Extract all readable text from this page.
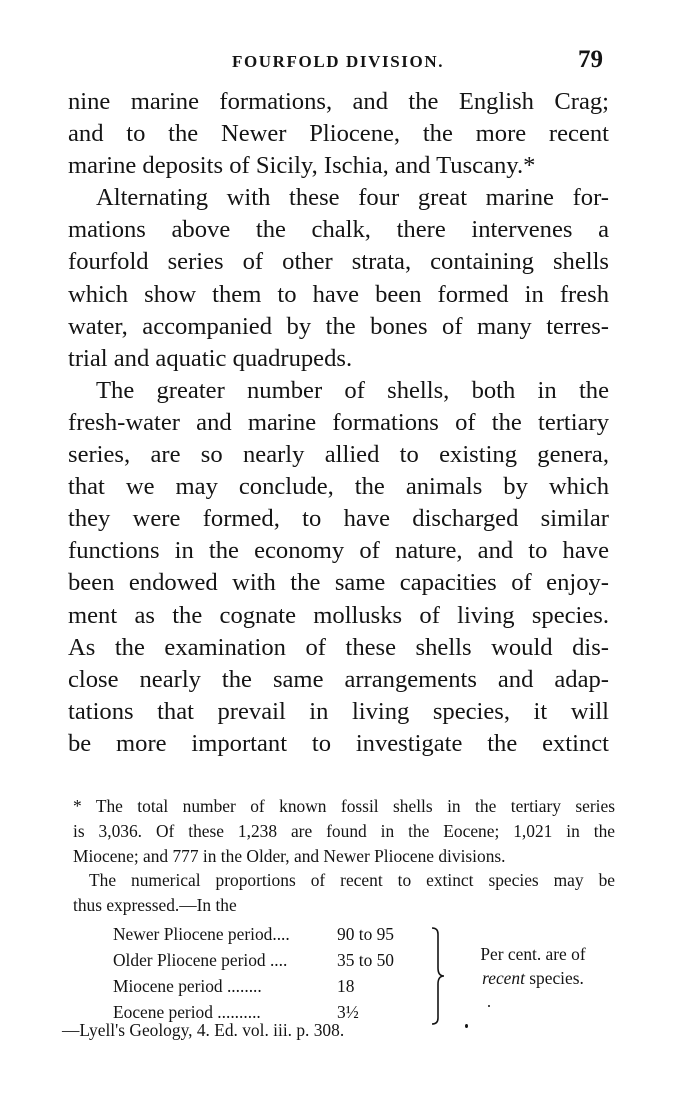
FOURFOLD DIVISION.	79
nine marine formations, and the English Crag;
and to the Newer Pliocene, the more recent
marine deposits of Sicily, Ischia, and Tuscany.*
Alternating with these four great marine for-
mations above the chalk, there intervenes a
fourfold series of other strata, containing shells
which show them to have been formed in fresh
water, accompanied by the bones of many terres-
trial and aquatic quadrupeds.
The greater number of shells, both in the
fresh-water and marine formations of the tertiary
series, are so nearly allied to existing genera,
that we may conclude, the animals by which
they were formed, to have discharged similar
functions in the economy of nature, and to have
been endowed with the same capacities of enjoy-
ment as the cognate mollusks of living species.
As the examination of these shells would dis-
close nearly the same arrangements and adap-
tations that prevail in living species, it will
be more important to investigate the extinct
* The total number of known fossil shells in the tertiary series
is 3,036. Of these 1,238 are found in the Eocene; 1,021 in the
Miocene; and 777 in the Older, and Newer Pliocene divisions.
The numerical proportions of recent to extinct species may be
thus expressed.—In the
Newer Pliocene period....	90 to 95
Older Pliocene period ....	35 to 50
Miocene period ........	18
Eocene period ..........	3½
Per cent. are of
recent species.
—Lyell's Geology, 4. Ed. vol. iii. p. 308.
